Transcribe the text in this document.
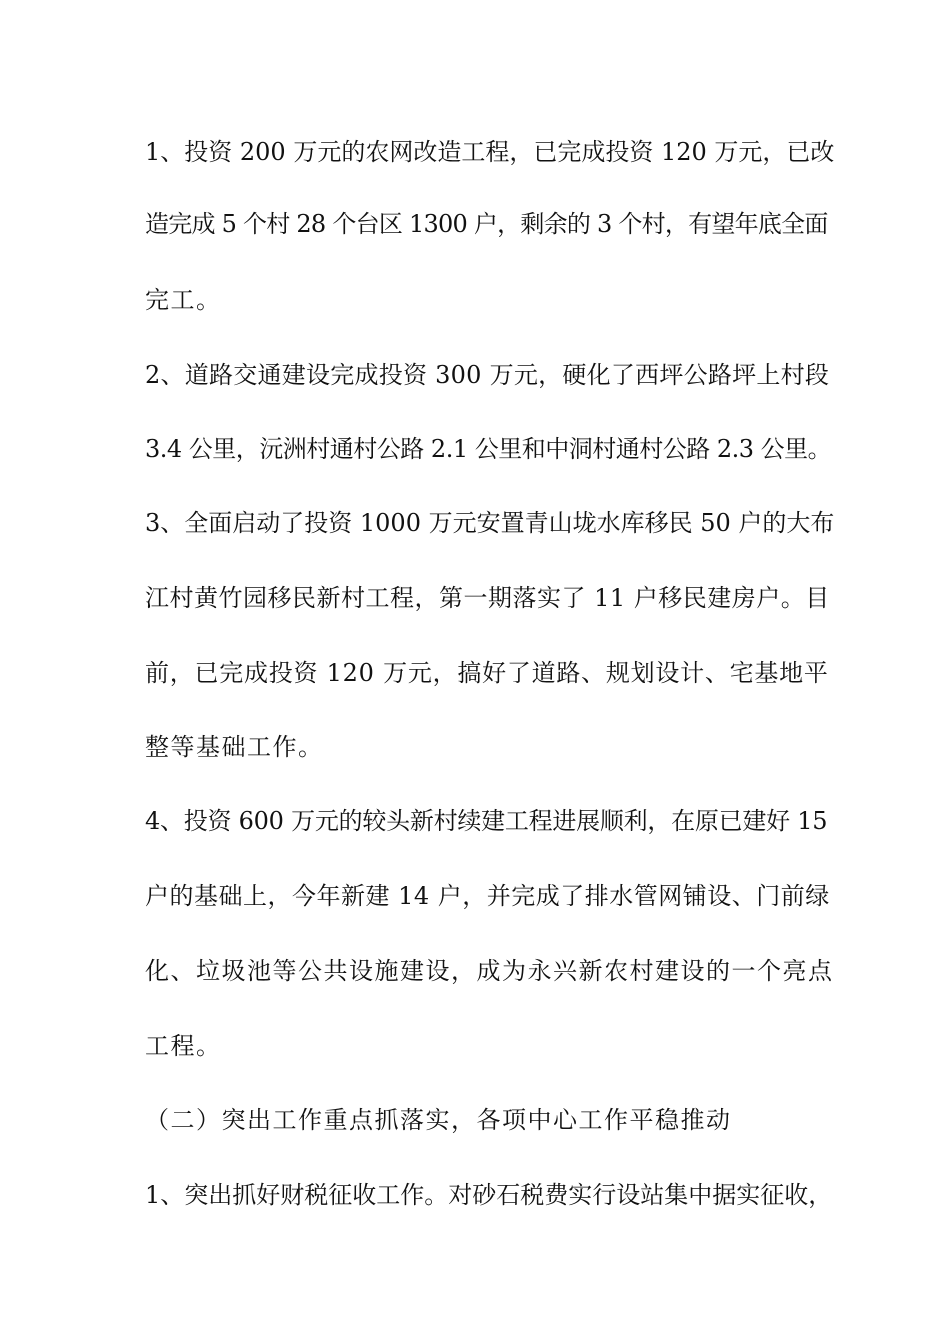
1、投资 200 万元的农网改造工程，已完成投资 120 万元，已改
造完成 5 个村 28 个台区 1300 户，剩余的 3 个村，有望年底全面
完工。
2、道路交通建设完成投资 300 万元，硬化了西坪公路坪上村段
3.4 公里，沅洲村通村公路 2.1 公里和中洞村通村公路 2.3 公里。
3、全面启动了投资 1000 万元安置青山垅水库移民 50 户的大布
江村黄竹园移民新村工程，第一期落实了 11 户移民建房户。目
前，已完成投资 120 万元，搞好了道路、规划设计、宅基地平
整等基础工作。
4、投资 600 万元的较头新村续建工程进展顺利，在原已建好 15
户的基础上，今年新建 14 户，并完成了排水管网铺设、门前绿
化、垃圾池等公共设施建设，成为永兴新农村建设的一个亮点
工程。
（二）突出工作重点抓落实，各项中心工作平稳推动
1、突出抓好财税征收工作。对砂石税费实行设站集中据实征收，
